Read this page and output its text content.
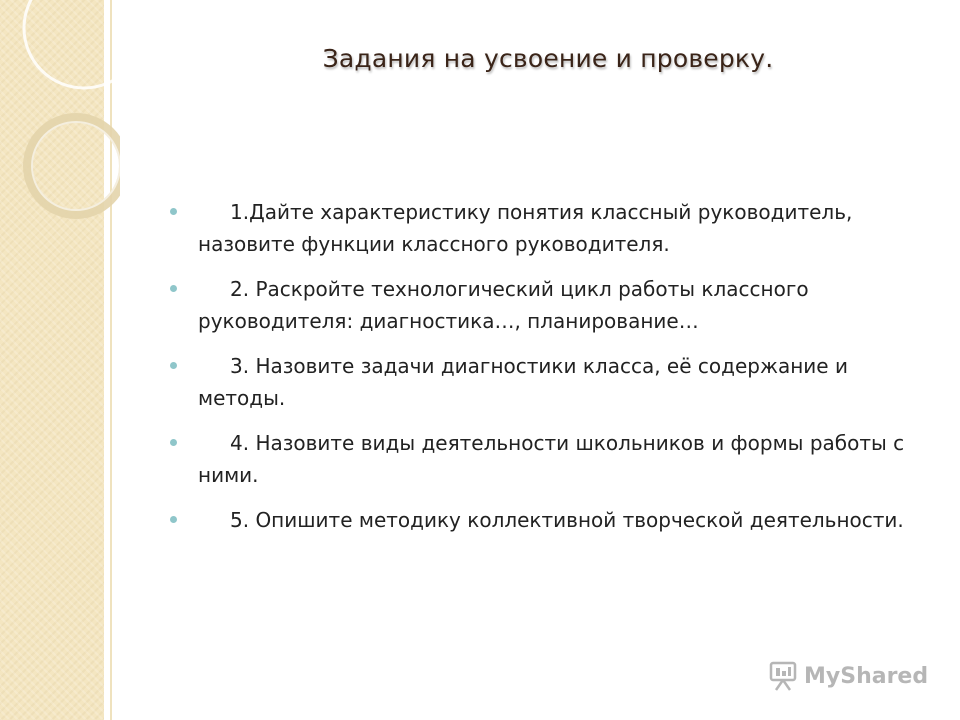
Задания на усвоение и проверку.
1.Дайте характеристику понятия классный руководитель, назовите функции классного руководителя.
2. Раскройте технологический цикл работы классного руководителя: диагностика…, планирование…
3. Назовите задачи диагностики класса, её содержание и методы.
4. Назовите виды деятельности школьников и формы работы с ними.
5. Опишите методику коллективной творческой деятельности.
MyShared
